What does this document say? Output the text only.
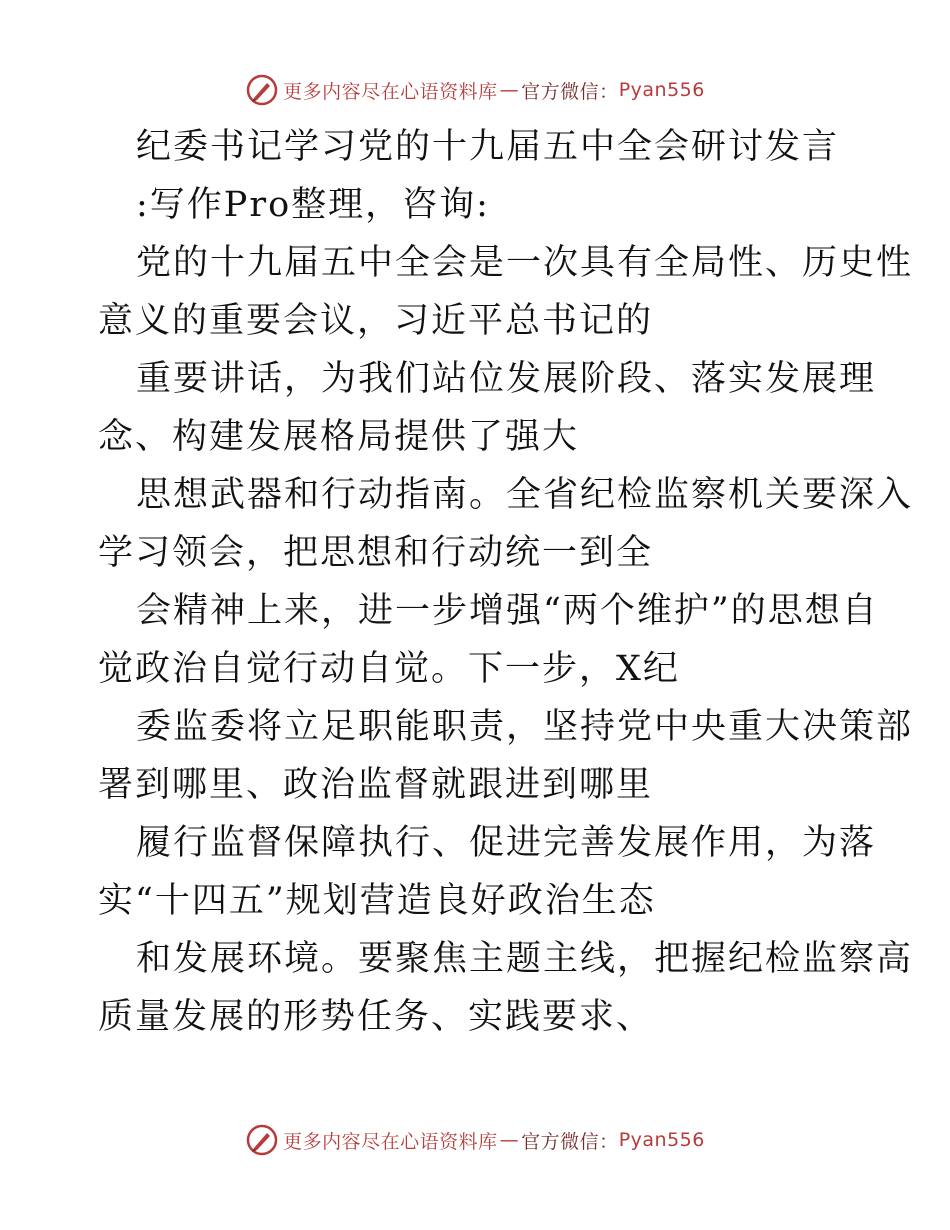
更多内容尽在心语资料库 — 官方微信： Pyan556
纪委书记学习党的十九届五中全会研讨发言
:写作Pro整理，咨询:
党的十九届五中全会是一次具有全局性、历史性
意义的重要会议，习近平总书记的
重要讲话，为我们站位发展阶段、落实发展理
念、构建发展格局提供了强大
思想武器和行动指南。全省纪检监察机关要深入
学习领会，把思想和行动统一到全
会精神上来，进一步增强“两个维护”的思想自
觉政治自觉行动自觉。下一步，X纪
委监委将立足职能职责，坚持党中央重大决策部
署到哪里、政治监督就跟进到哪里
履行监督保障执行、促进完善发展作用，为落
实“十四五”规划营造良好政治生态
和发展环境。要聚焦主题主线，把握纪检监察高
质量发展的形势任务、实践要求、
更多内容尽在心语资料库 — 官方微信： Pyan556
